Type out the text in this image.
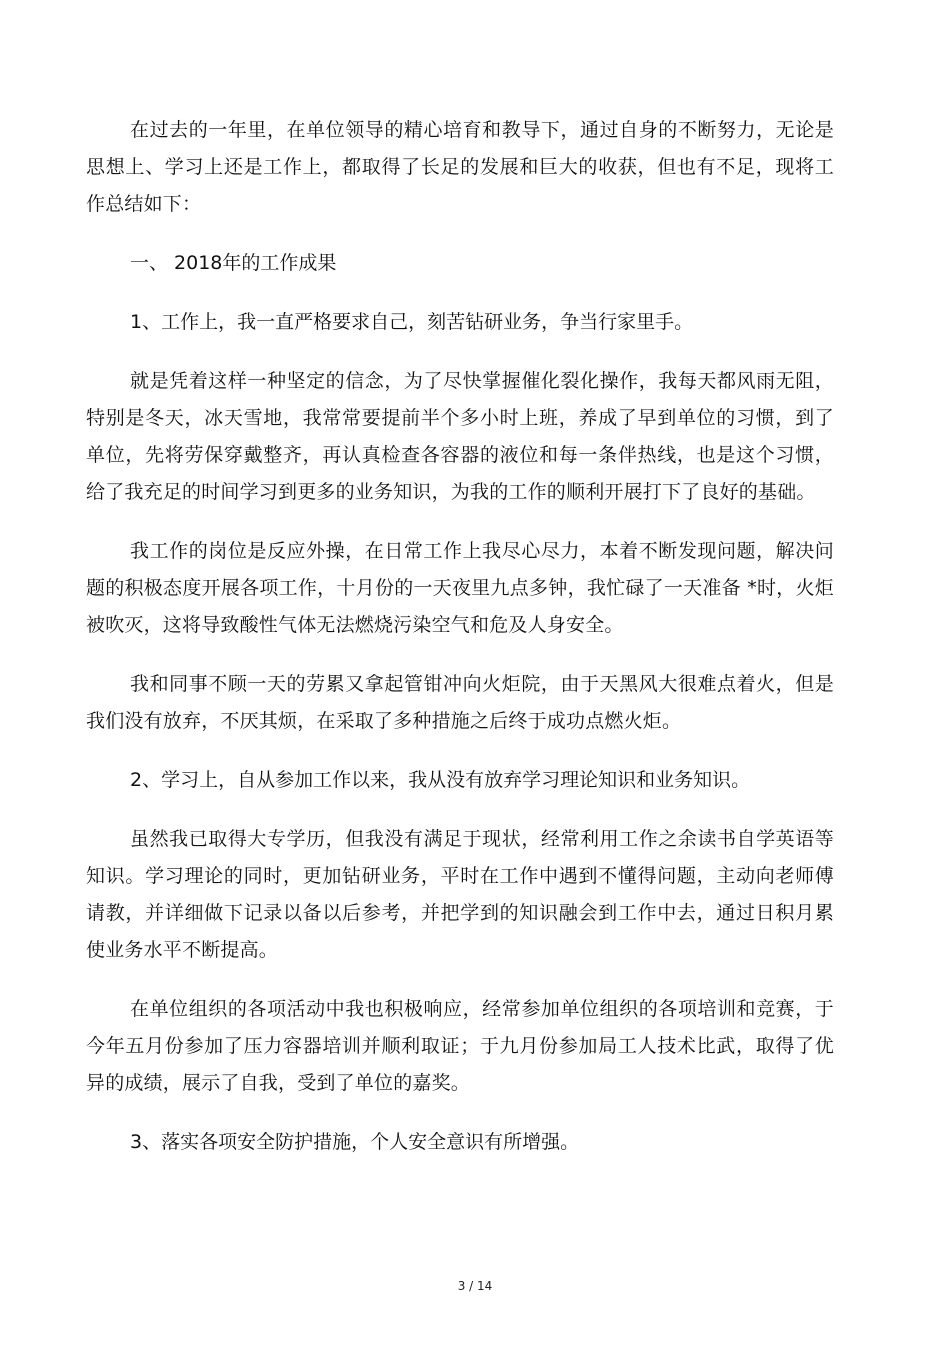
在过去的一年里，在单位领导的精心培育和教导下，通过自身的不断努力，无论是思想上、学习上还是工作上，都取得了长足的发展和巨大的收获，但也有不足，现将工作总结如下：

一、 2018年的工作成果

1、工作上，我一直严格要求自己，刻苦钻研业务，争当行家里手。

就是凭着这样一种坚定的信念，为了尽快掌握催化裂化操作，我每天都风雨无阻，特别是冬天，冰天雪地，我常常要提前半个多小时上班，养成了早到单位的习惯，到了单位，先将劳保穿戴整齐，再认真检查各容器的液位和每一条伴热线，也是这个习惯，给了我充足的时间学习到更多的业务知识，为我的工作的顺利开展打下了良好的基础。

我工作的岗位是反应外操，在日常工作上我尽心尽力，本着不断发现问题，解决问题的积极态度开展各项工作，十月份的一天夜里九点多钟，我忙碌了一天准备 *时，火炬被吹灭，这将导致酸性气体无法燃烧污染空气和危及人身安全。

我和同事不顾一天的劳累又拿起管钳冲向火炬院，由于天黑风大很难点着火，但是我们没有放弃，不厌其烦，在采取了多种措施之后终于成功点燃火炬。

2、学习上，自从参加工作以来，我从没有放弃学习理论知识和业务知识。

虽然我已取得大专学历，但我没有满足于现状，经常利用工作之余读书自学英语等知识。学习理论的同时，更加钻研业务，平时在工作中遇到不懂得问题，主动向老师傅请教，并详细做下记录以备以后参考，并把学到的知识融会到工作中去，通过日积月累使业务水平不断提高。

在单位组织的各项活动中我也积极响应，经常参加单位组织的各项培训和竞赛，于今年五月份参加了压力容器培训并顺利取证；于九月份参加局工人技术比武，取得了优异的成绩，展示了自我，受到了单位的嘉奖。

3、落实各项安全防护措施，个人安全意识有所增强。

3 / 14
